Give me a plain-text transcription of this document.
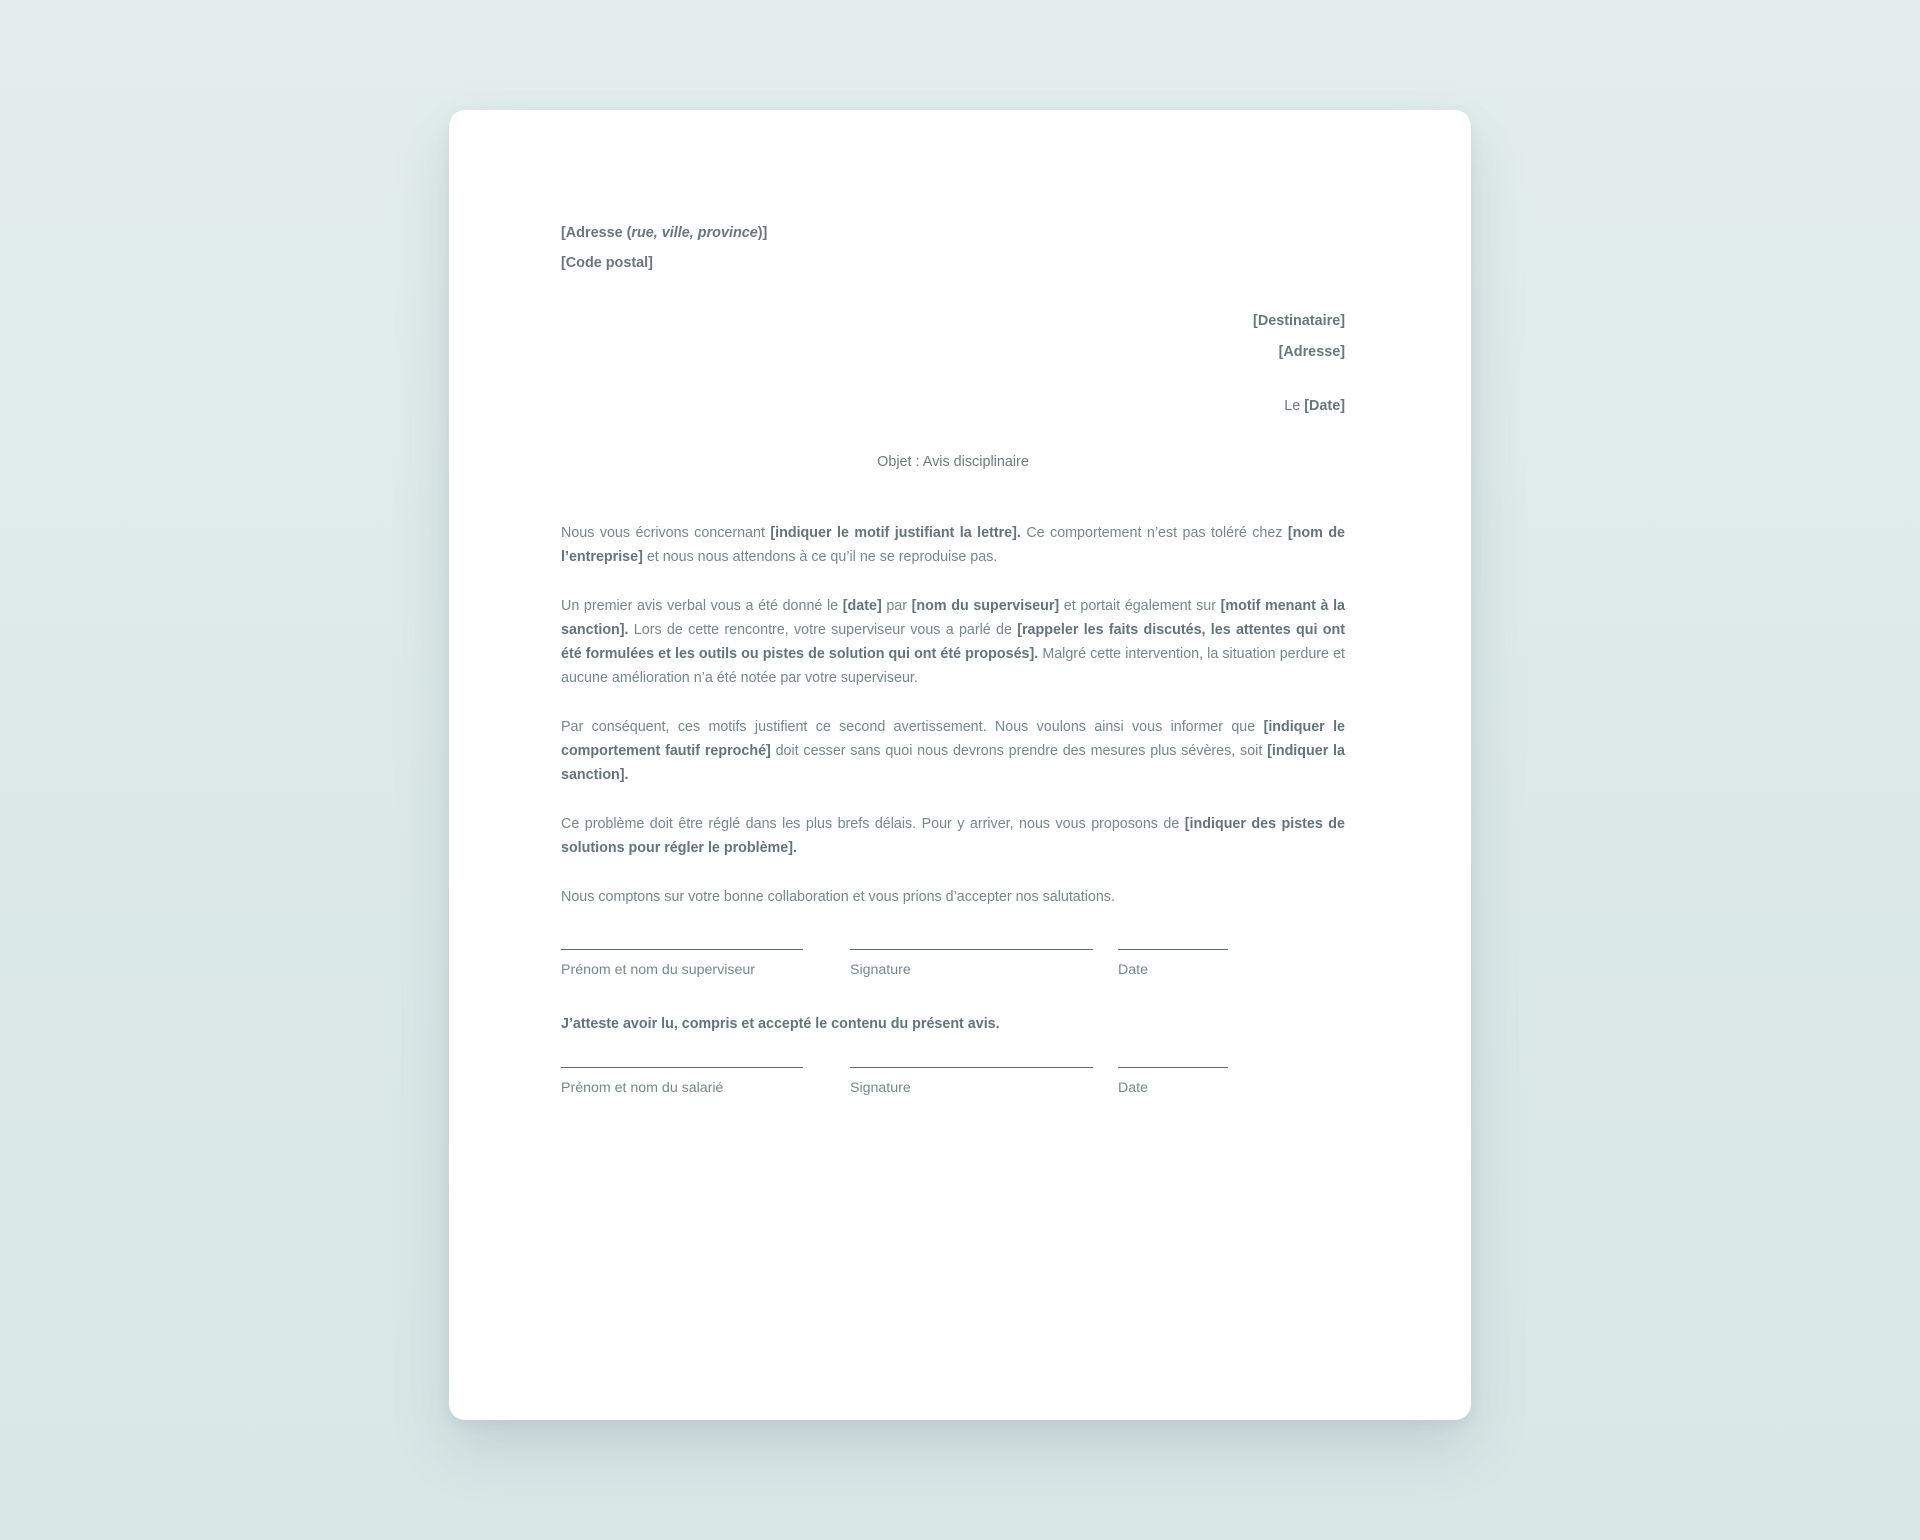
[Adresse (rue, ville, province)]
[Code postal]
[Destinataire]
[Adresse]
Le [Date]
Objet : Avis disciplinaire

Nous vous écrivons concernant [indiquer le motif justifiant la lettre]. Ce comportement n’est pas toléré chez [nom de l’entreprise] et nous nous attendons à ce qu’il ne se reproduise pas.

Un premier avis verbal vous a été donné le [date] par [nom du superviseur] et portait également sur [motif menant à la sanction]. Lors de cette rencontre, votre superviseur vous a parlé de [rappeler les faits discutés, les attentes qui ont été formulées et les outils ou pistes de solution qui ont été proposés]. Malgré cette intervention, la situation perdure et aucune amélioration n’a été notée par votre superviseur.

Par conséquent, ces motifs justifient ce second avertissement. Nous voulons ainsi vous informer que [indiquer le comportement fautif reproché] doit cesser sans quoi nous devrons prendre des mesures plus sévères, soit [indiquer la sanction].

Ce problème doit être réglé dans les plus brefs délais. Pour y arriver, nous vous proposons de [indiquer des pistes de solutions pour régler le problème].

Nous comptons sur votre bonne collaboration et vous prions d’accepter nos salutations.

Prénom et nom du superviseur	Signature	Date
J’atteste avoir lu, compris et accepté le contenu du présent avis.
Prénom et nom du salarié	Signature	Date
